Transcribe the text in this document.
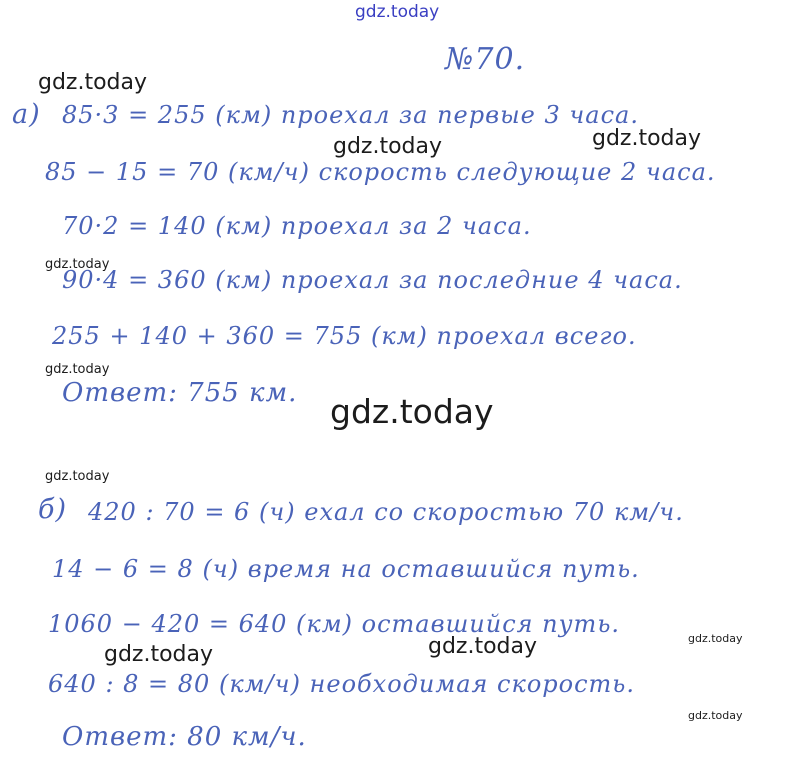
gdz.today
№70.
а) 85·3 = 255 (км) проехал за первые 3 часа.
85 − 15 = 70 (км/ч) скорость следующие 2 часа.
70·2 = 140 (км) проехал за 2 часа.
90·4 = 360 (км) проехал за последние 4 часа.
255 + 140 + 360 = 755 (км) проехал всего.
Ответ: 755 км.
б) 420 : 70 = 6 (ч) ехал со скоростью 70 км/ч.
14 − 6 = 8 (ч) время на оставшийся путь.
1060 − 420 = 640 (км) оставшийся путь.
640 : 8 = 80 (км/ч) необходимая скорость.
Ответ: 80 км/ч.
gdz.today
gdz.today	gdz.today
gdz.today
gdz.today
gdz.today
gdz.today
gdz.today
gdz.today	gdz.today
gdz.today
